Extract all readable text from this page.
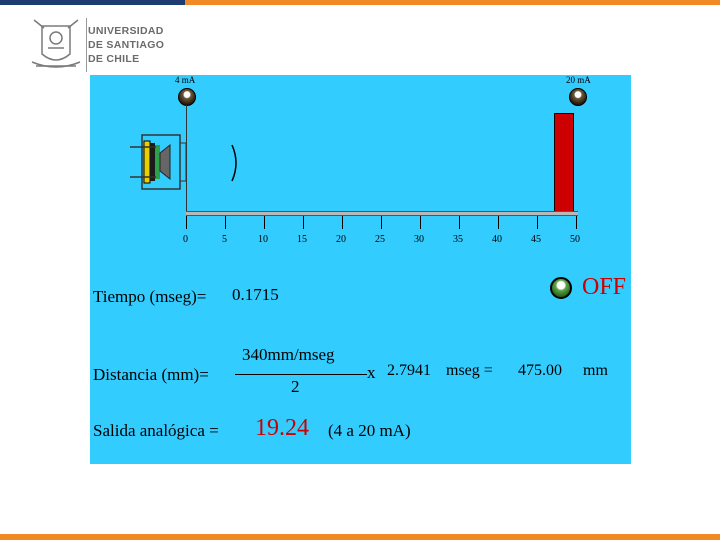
UNIVERSIDAD
DE SANTIAGO
DE CHILE
4 mA	20 mA
0	5	10	15	20	25	30	35	40	45	50
Tiempo (mseg)= 0.1715	OFF
Distancia (mm)=
340mm/mseg
2
x 2.7941 mseg = 475.00 mm
Salida analógica = 19.24 (4 a 20 mA)
